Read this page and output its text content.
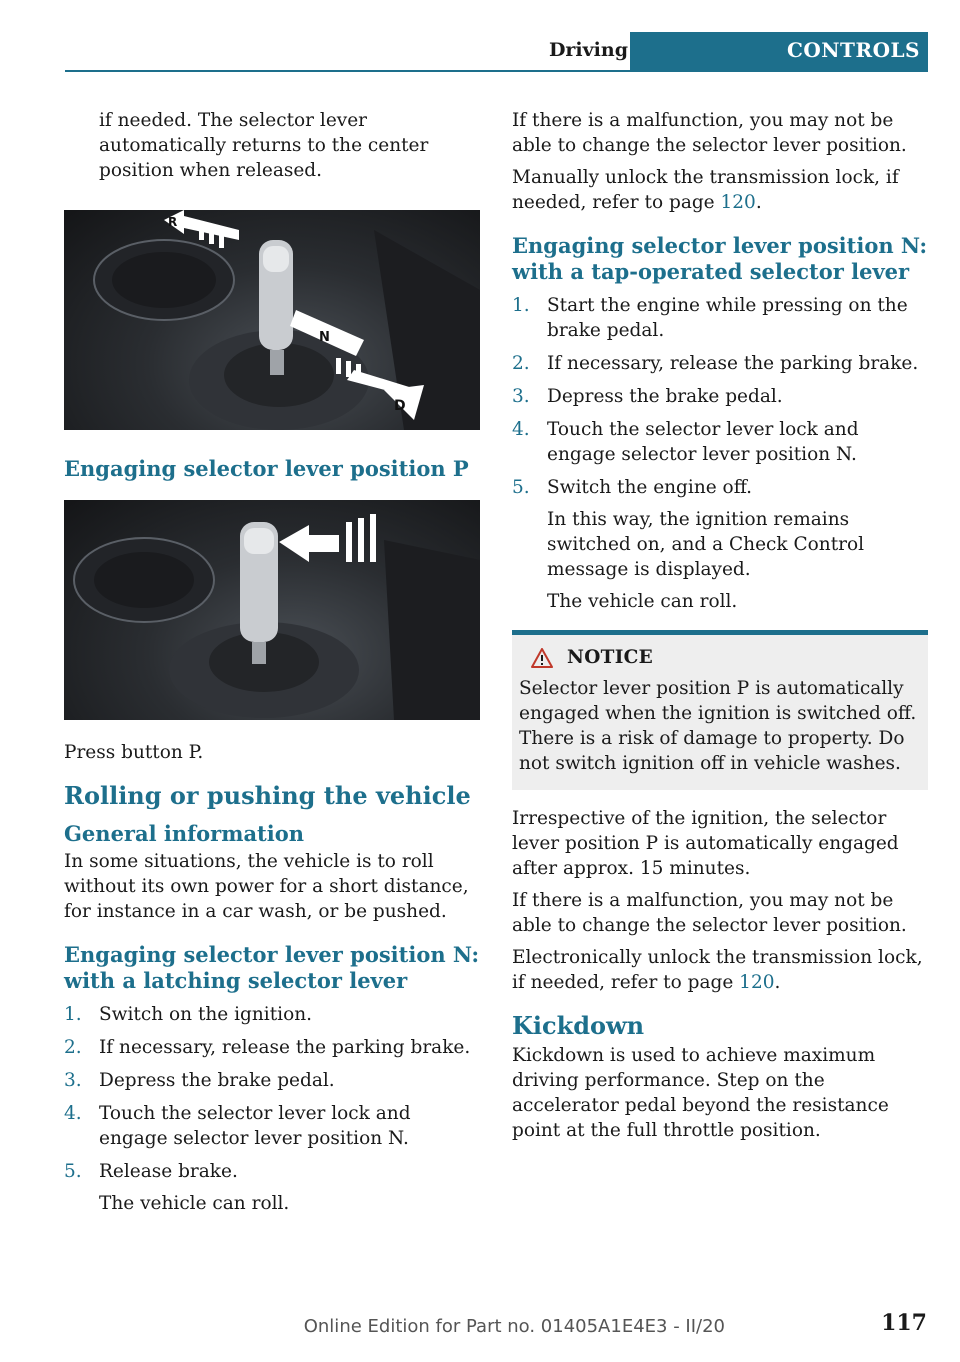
Driving	CONTROLS

if needed. The selector lever automatically returns to the center position when released.

R
N
D
Engaging selector lever position P

Press button P.

Rolling or pushing the vehicle
General information

In some situations, the vehicle is to roll without its own power for a short distance, for instance in a car wash, or be pushed.

Engaging selector lever position N: with a latching selector lever
1. Switch on the ignition.
2. If necessary, release the parking brake.
3. Depress the brake pedal.
4. Touch the selector lever lock and engage selector lever position N.
5. Release brake.
The vehicle can roll.

If there is a malfunction, you may not be able to change the selector lever position.

Manually unlock the transmission lock, if needed, refer to page 120.

Engaging selector lever position N: with a tap-operated selector lever
1. Start the engine while pressing on the brake pedal.
2. If necessary, release the parking brake.
3. Depress the brake pedal.
4. Touch the selector lever lock and engage selector lever position N.
5. Switch the engine off.
In this way, the ignition remains switched on, and a Check Control message is displayed.
The vehicle can roll.
NOTICE

Selector lever position P is automatically engaged when the ignition is switched off. There is a risk of damage to property. Do not switch ignition off in vehicle washes.

Irrespective of the ignition, the selector lever position P is automatically engaged after approx. 15 minutes.

If there is a malfunction, you may not be able to change the selector lever position.

Electronically unlock the transmission lock, if needed, refer to page 120.

Kickdown

Kickdown is used to achieve maximum driving performance. Step on the accelerator pedal beyond the resistance point at the full throttle position.

Online Edition for Part no. 01405A1E4E3 - II/20	117
